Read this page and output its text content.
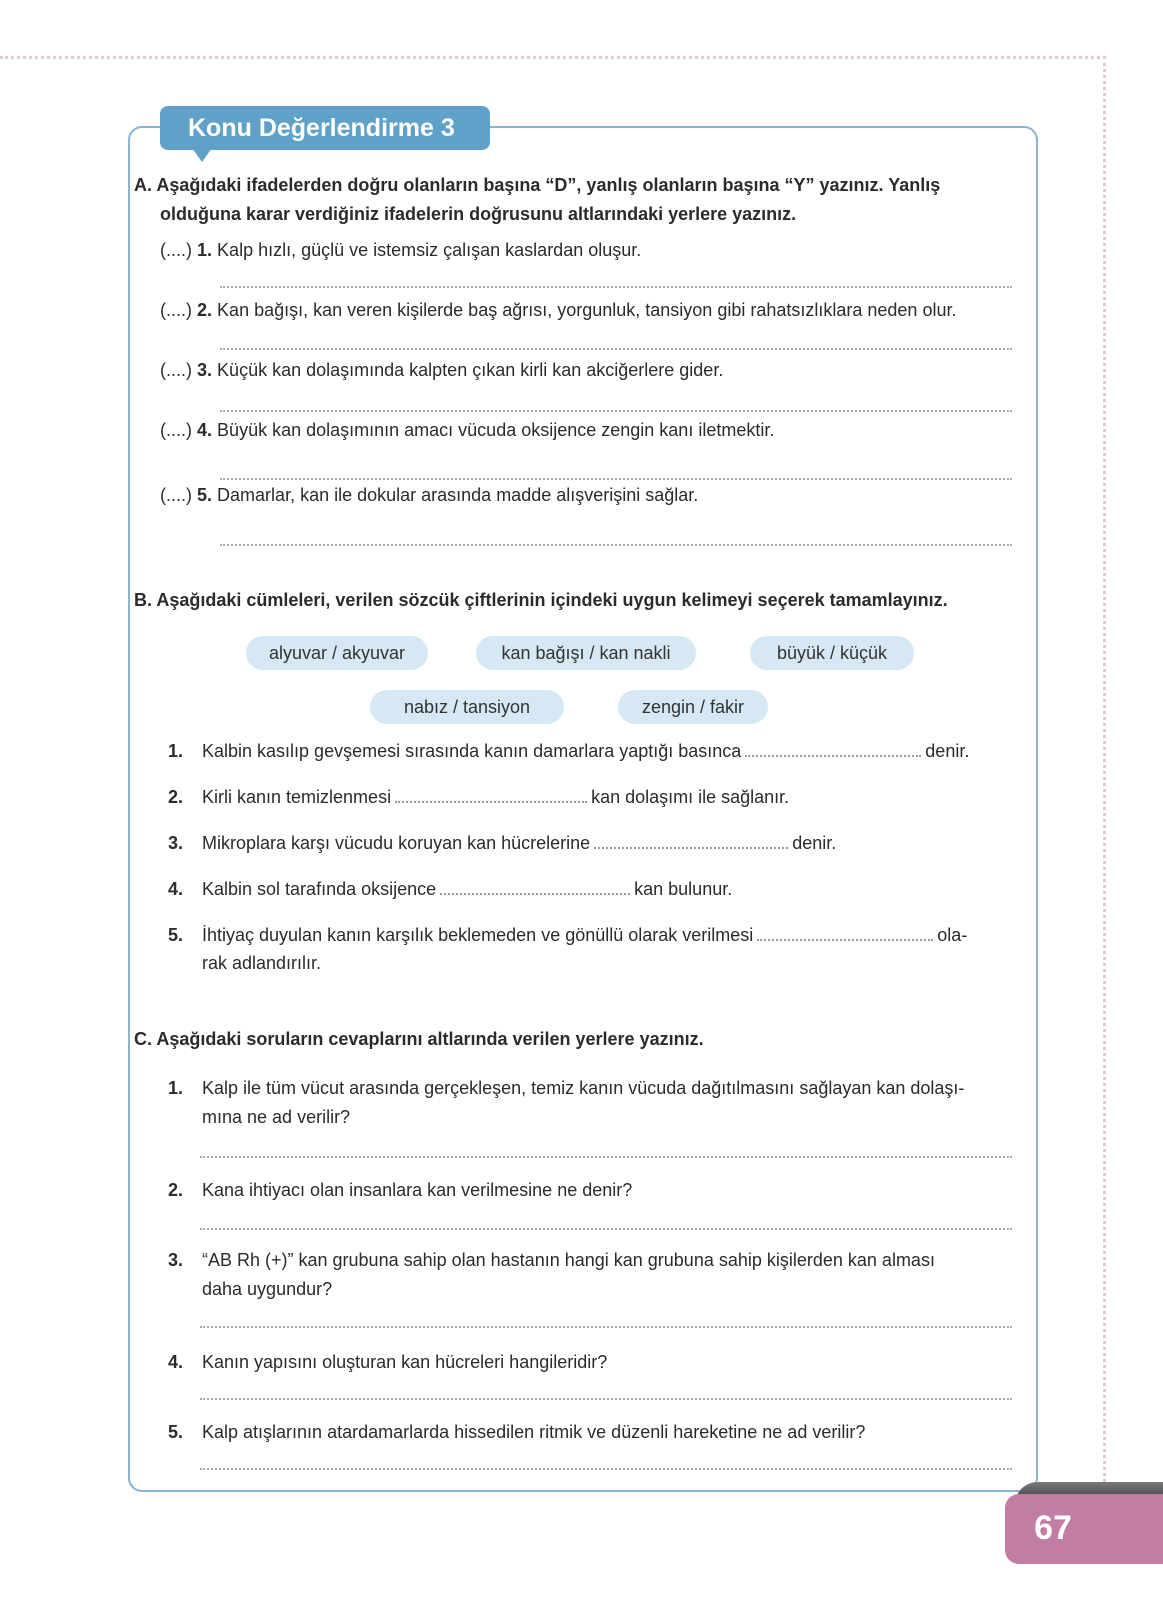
Konu Değerlendirme 3
A. Aşağıdaki ifadelerden doğru olanların başına “D”, yanlış olanların başına “Y” yazınız. Yanlış
olduğuna karar verdiğiniz ifadelerin doğrusunu altlarındaki yerlere yazınız.
(....) 1. Kalp hızlı, güçlü ve istemsiz çalışan kaslardan oluşur.
(....) 2. Kan bağışı, kan veren kişilerde baş ağrısı, yorgunluk, tansiyon gibi rahatsızlıklara neden olur.
(....) 3. Küçük kan dolaşımında kalpten çıkan kirli kan akciğerlere gider.
(....) 4. Büyük kan dolaşımının amacı vücuda oksijence zengin kanı iletmektir.
(....) 5. Damarlar, kan ile dokular arasında madde alışverişini sağlar.
B. Aşağıdaki cümleleri, verilen sözcük çiftlerinin içindeki uygun kelimeyi seçerek tamamlayınız.
alyuvar / akyuvar	kan bağışı / kan nakli	büyük / küçük
nabız / tansiyon	zengin / fakir
1. Kalbin kasılıp gevşemesi sırasında kanın damarlara yaptığı basınca	denir.
2. Kirli kanın temizlenmesi	kan dolaşımı ile sağlanır.
3. Mikroplara karşı vücudu koruyan kan hücrelerine	denir.
4. Kalbin sol tarafında oksijence	kan bulunur.
5. İhtiyaç duyulan kanın karşılık beklemeden ve gönüllü olarak verilmesi	ola-
rak adlandırılır.
C. Aşağıdaki soruların cevaplarını altlarında verilen yerlere yazınız.
1. Kalp ile tüm vücut arasında gerçekleşen, temiz kanın vücuda dağıtılmasını sağlayan kan dolaşı-
mına ne ad verilir?
2. Kana ihtiyacı olan insanlara kan verilmesine ne denir?
3. “AB Rh (+)” kan grubuna sahip olan hastanın hangi kan grubuna sahip kişilerden kan alması
daha uygundur?
4. Kanın yapısını oluşturan kan hücreleri hangileridir?
5. Kalp atışlarının atardamarlarda hissedilen ritmik ve düzenli hareketine ne ad verilir?
67
